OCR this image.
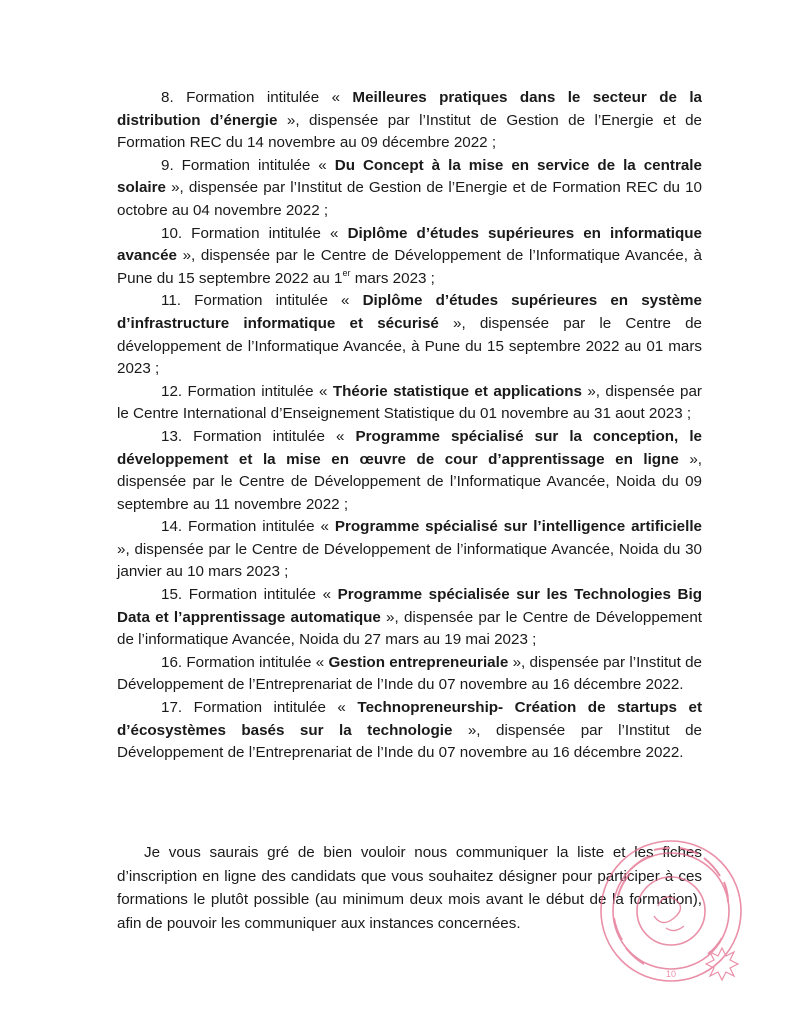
8. Formation intitulée « Meilleures pratiques dans le secteur de la distribution d’énergie », dispensée par l’Institut de Gestion de l’Energie et de Formation REC du 14 novembre au 09 décembre 2022 ;

9. Formation intitulée « Du Concept à la mise en service de la centrale solaire », dispensée par l’Institut de Gestion de l’Energie et de Formation REC du 10 octobre au 04 novembre 2022 ;

10. Formation intitulée « Diplôme d’études supérieures en informatique avancée », dispensée par le Centre de Développement de l’Informatique Avancée, à Pune du 15 septembre 2022 au 1er mars 2023 ;

11. Formation intitulée « Diplôme d’études supérieures en système d’infrastructure informatique et sécurisé », dispensée par le Centre de développement de l’Informatique Avancée, à Pune du 15 septembre 2022 au 01 mars 2023 ;

12. Formation intitulée « Théorie statistique et applications », dispensée par le Centre International d’Enseignement Statistique du 01 novembre au 31 aout 2023 ;

13. Formation intitulée « Programme spécialisé sur la conception, le développement et la mise en œuvre de cour d’apprentissage en ligne », dispensée par le Centre de Développement de l’Informatique Avancée, Noida du 09 septembre au 11 novembre 2022 ;

14. Formation intitulée « Programme spécialisé sur l’intelligence artificielle », dispensée par le Centre de Développement de l’informatique Avancée, Noida du 30 janvier au 10 mars 2023 ;

15. Formation intitulée « Programme spécialisée sur les Technologies Big Data et l’apprentissage automatique », dispensée par le Centre de Développement de l’informatique Avancée, Noida du 27 mars au 19 mai 2023 ;

16. Formation intitulée « Gestion entrepreneuriale », dispensée par l’Institut de Développement de l’Entreprenariat de l’Inde du 07 novembre au 16 décembre 2022.

17. Formation intitulée « Technopreneurship- Création de startups et d’écosystèmes basés sur la technologie », dispensée par l’Institut de Développement de l’Entreprenariat de l’Inde du 07 novembre au 16 décembre 2022.

Je vous saurais gré de bien vouloir nous communiquer la liste et les fiches d’inscription en ligne des candidats que vous souhaitez désigner pour participer à ces formations le plutôt possible (au minimum deux mois avant le début de la formation), afin de pouvoir les communiquer aux instances concernées.

10
